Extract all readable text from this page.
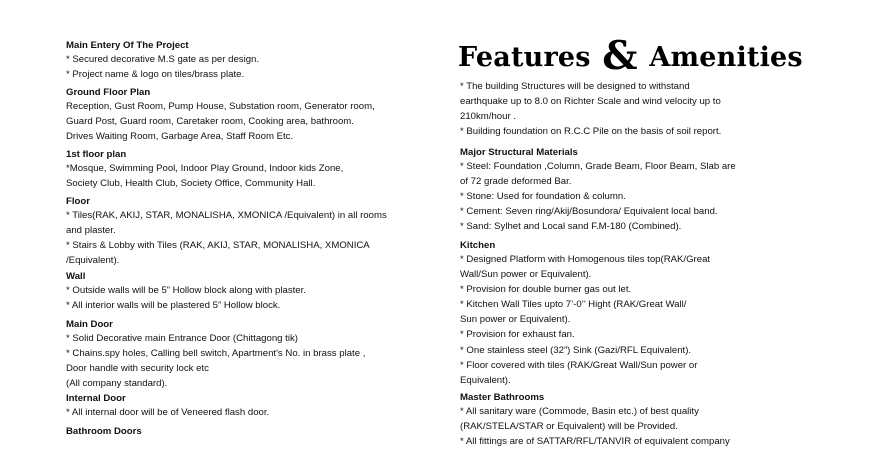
Features & Amenities
Main Entery Of The Project
* Secured decorative M.S gate as per design.
* Project name & logo on tiles/brass plate.
Ground Floor Plan
Reception, Gust Room, Pump House, Substation room, Generator room,
Guard Post, Guard room, Caretaker room, Cooking area, bathroom.
Drives Waiting Room, Garbage Area, Staff Room Etc.
1st floor plan
*Mosque, Swimming Pool, Indoor Play Ground, Indoor kids Zone,
Society Club, Health Club, Society Office, Community Hall.
Floor
* Tiles(RAK, AKIJ, STAR, MONALISHA, XMONICA /Equivalent) in all rooms
and plaster.
* Stairs & Lobby with Tiles (RAK, AKIJ, STAR, MONALISHA, XMONICA
/Equivalent).
Wall
* Outside walls will be 5” Hollow block along with plaster.
* All interior walls will be plastered 5” Hollow block.
Main Door
* Solid Decorative main Entrance Door (Chittagong tik)
* Chains.spy holes, Calling bell switch, Apartment's No. in brass plate ,
Door handle with security lock etc
(All company standard).
Internal Door
* All internal door will be of Veneered flash door.
Bathroom Doors
* The building Structures will be designed to withstand
earthquake up to 8.0 on Richter Scale and wind velocity up to
210km/hour .
* Building foundation on R.C.C Pile on the basis of soil report.
Major Structural Materials
* Steel: Foundation ,Column, Grade Beam, Floor Beam, Slab are
of 72 grade deformed Bar.
* Stone: Used for foundation & column.
* Cement: Seven ring/Akij/Bosundora/ Equivalent local band.
* Sand: Sylhet and Local sand F.M-180 (Combined).
Kitchen
* Designed Platform with Homogenous tiles top(RAK/Great
Wall/Sun power or Equivalent).
* Provision for double burner gas out let.
* Kitchen Wall Tiles upto 7’-0’’ Hight (RAK/Great Wall/
Sun power or Equivalent).
* Provision for exhaust fan.
* One stainless steel (32”) Sink (Gazi/RFL Equivalent).
* Floor covered with tiles (RAK/Great Wall/Sun power or
Equivalent).
Master Bathrooms
* All sanitary ware (Commode, Basin etc.) of best quality
(RAK/STELA/STAR or Equivalent) will be Provided.
* All fittings are of SATTAR/RFL/TANVIR of equivalent company
